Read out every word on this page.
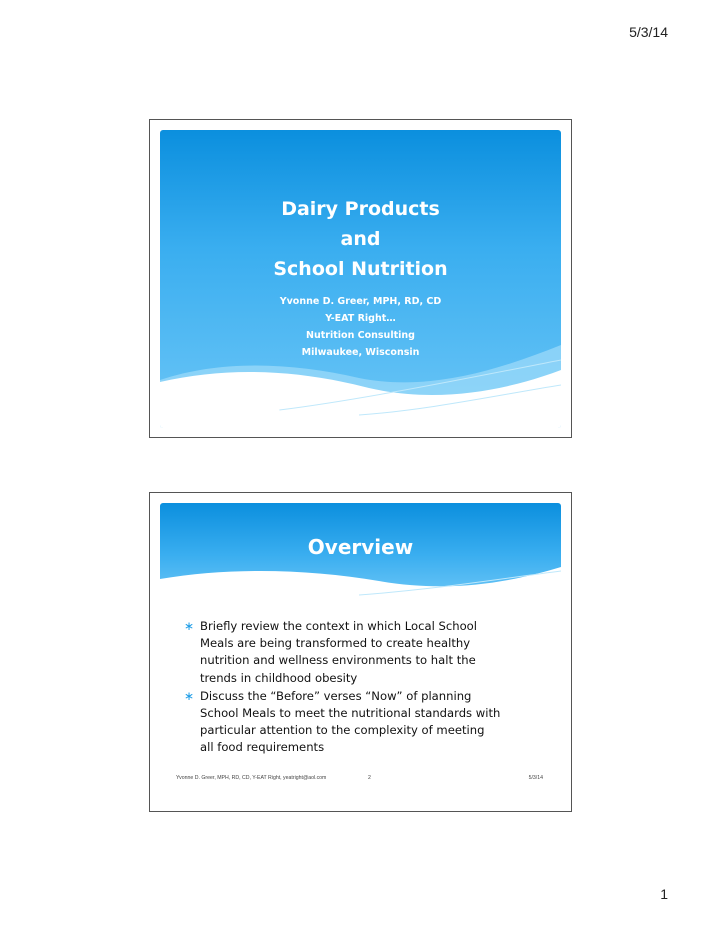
5/3/14
Dairy Products
and
School Nutrition
Yvonne D. Greer, MPH, RD, CD
Y-EAT Right…
Nutrition Consulting
Milwaukee, Wisconsin
Overview
∗ Briefly review the context in which Local School Meals are being transformed to create healthy nutrition and wellness environments to halt the trends in childhood obesity
∗ Discuss the “Before” verses “Now” of planning School Meals to meet the nutritional standards with particular attention to the complexity of meeting all food requirements
Yvonne D. Greer, MPH, RD, CD, Y-EAT Right, yeatright@aol.com	2	5/3/14
1
